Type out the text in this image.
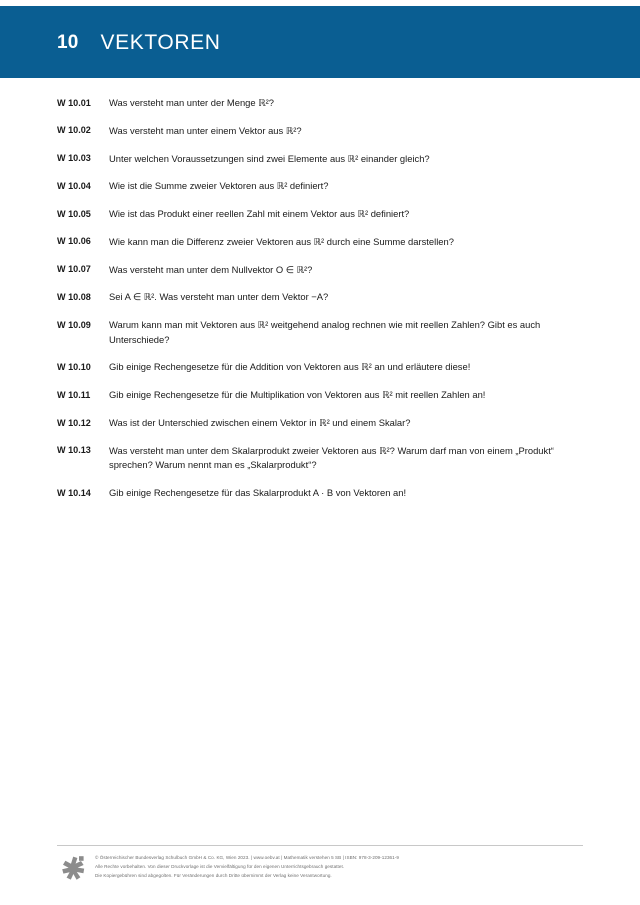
10 VEKTOREN
W 10.01	Was versteht man unter der Menge ℝ²?
W 10.02	Was versteht man unter einem Vektor aus ℝ²?
W 10.03	Unter welchen Voraussetzungen sind zwei Elemente aus ℝ² einander gleich?
W 10.04	Wie ist die Summe zweier Vektoren aus ℝ² definiert?
W 10.05	Wie ist das Produkt einer reellen Zahl mit einem Vektor aus ℝ² definiert?
W 10.06	Wie kann man die Differenz zweier Vektoren aus ℝ² durch eine Summe darstellen?
W 10.07	Was versteht man unter dem Nullvektor O ∈ ℝ²?
W 10.08	Sei A ∈ ℝ². Was versteht man unter dem Vektor −A?
W 10.09	Warum kann man mit Vektoren aus ℝ² weitgehend analog rechnen wie mit reellen Zahlen? Gibt es auch Unterschiede?
W 10.10	Gib einige Rechengesetze für die Addition von Vektoren aus ℝ² an und erläutere diese!
W 10.11	Gib einige Rechengesetze für die Multiplikation von Vektoren aus ℝ² mit reellen Zahlen an!
W 10.12	Was ist der Unterschied zwischen einem Vektor in ℝ² und einem Skalar?
W 10.13	Was versteht man unter dem Skalarprodukt zweier Vektoren aus ℝ²? Warum darf man von einem „Produkt“ sprechen? Warum nennt man es „Skalarprodukt“?
W 10.14	Gib einige Rechengesetze für das Skalarprodukt A · B von Vektoren an!
© Österreichischer Bundesverlag Schulbuch GmbH & Co. KG, Wien 2023. | www.oebv.at | Mathematik verstehen 5 SB | ISBN: 978-3-209-12361-9
Alle Rechte vorbehalten. Von dieser Druckvorlage ist die Vervielfältigung für den eigenen Unterrichtsgebrauch gestattet.
Die Kopiergebühren sind abgegolten. Für Veränderungen durch Dritte übernimmt der Verlag keine Verantwortung.
